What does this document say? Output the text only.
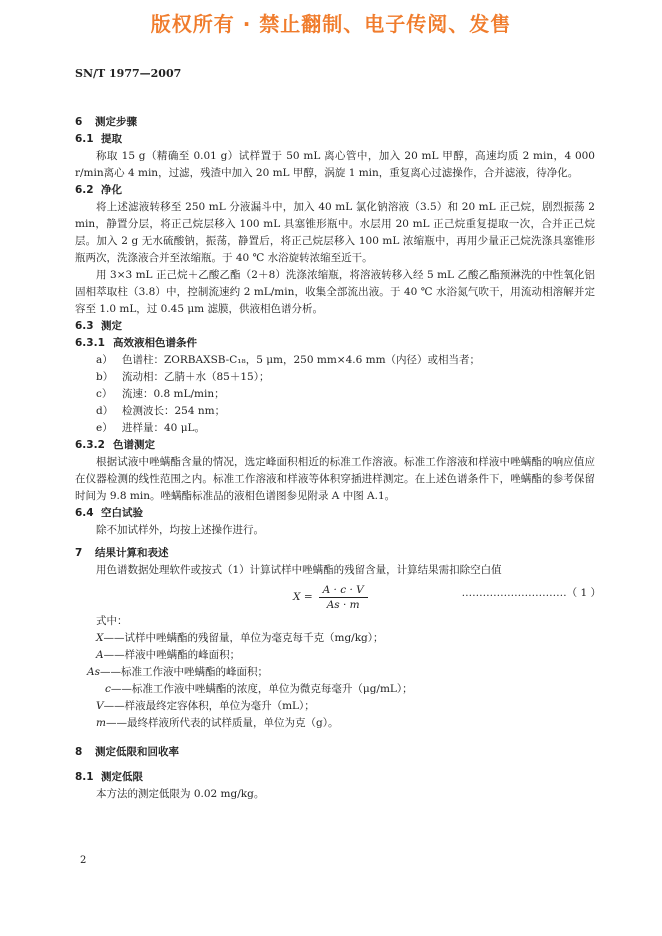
版权所有 · 禁止翻制、电子传阅、发售
SN/T 1977—2007

6 测定步骤

6.1 提取

称取 15 g（精确至 0.01 g）试样置于 50 mL 离心管中，加入 20 mL 甲醇，高速均质 2 min，4 000 r/min离心 4 min，过滤，残渣中加入 20 mL 甲醇，涡旋 1 min，重复离心过滤操作，合并滤液，待净化。

6.2 净化

将上述滤液转移至 250 mL 分液漏斗中，加入 40 mL 氯化钠溶液（3.5）和 20 mL 正己烷，剧烈振荡 2 min，静置分层，将正己烷层移入 100 mL 具塞锥形瓶中。水层用 20 mL 正己烷重复提取一次，合并正己烷层。加入 2 g 无水硫酸钠，振荡，静置后，将正己烷层移入 100 mL 浓缩瓶中，再用少量正己烷洗涤具塞锥形瓶两次，洗涤液合并至浓缩瓶。于 40 ℃ 水浴旋转浓缩至近干。

用 3×3 mL 正己烷＋乙酸乙酯（2＋8）洗涤浓缩瓶，将溶液转移入经 5 mL 乙酸乙酯预淋洗的中性氧化铝固相萃取柱（3.8）中，控制流速约 2 mL/min，收集全部流出液。于 40 ℃ 水浴氮气吹干，用流动相溶解并定容至 1.0 mL，过 0.45 μm 滤膜，供液相色谱分析。

6.3 测定

6.3.1 高效液相色谱条件

a） 色谱柱：ZORBAXSB-C₁₈，5 μm，250 mm×4.6 mm（内径）或相当者；

b） 流动相：乙腈＋水（85＋15）；

c） 流速：0.8 mL/min；

d） 检测波长：254 nm；

e） 进样量：40 μL。

6.3.2 色谱测定

根据试液中唑螨酯含量的情况，选定峰面积相近的标准工作溶液。标准工作溶液和样液中唑螨酯的响应值应在仪器检测的线性范围之内。标准工作溶液和样液等体积穿插进样测定。在上述色谱条件下，唑螨酯的参考保留时间为 9.8 min。唑螨酯标准品的液相色谱图参见附录 A 中图 A.1。

6.4 空白试验

除不加试样外，均按上述操作进行。

7 结果计算和表述

用色谱数据处理软件或按式（1）计算试样中唑螨酯的残留含量，计算结果需扣除空白值

$X = \frac{A \cdot c \cdot V}{As \cdot m}$	…………………………（ 1 ）

式中：

X——试样中唑螨酯的残留量，单位为毫克每千克（mg/kg）；

A——样液中唑螨酯的峰面积；

As——标准工作液中唑螨酯的峰面积；

c——标准工作液中唑螨酯的浓度，单位为微克每毫升（μg/mL）；

V——样液最终定容体积，单位为毫升（mL）；

m——最终样液所代表的试样质量，单位为克（g）。

8 测定低限和回收率

8.1 测定低限

本方法的测定低限为 0.02 mg/kg。

2
